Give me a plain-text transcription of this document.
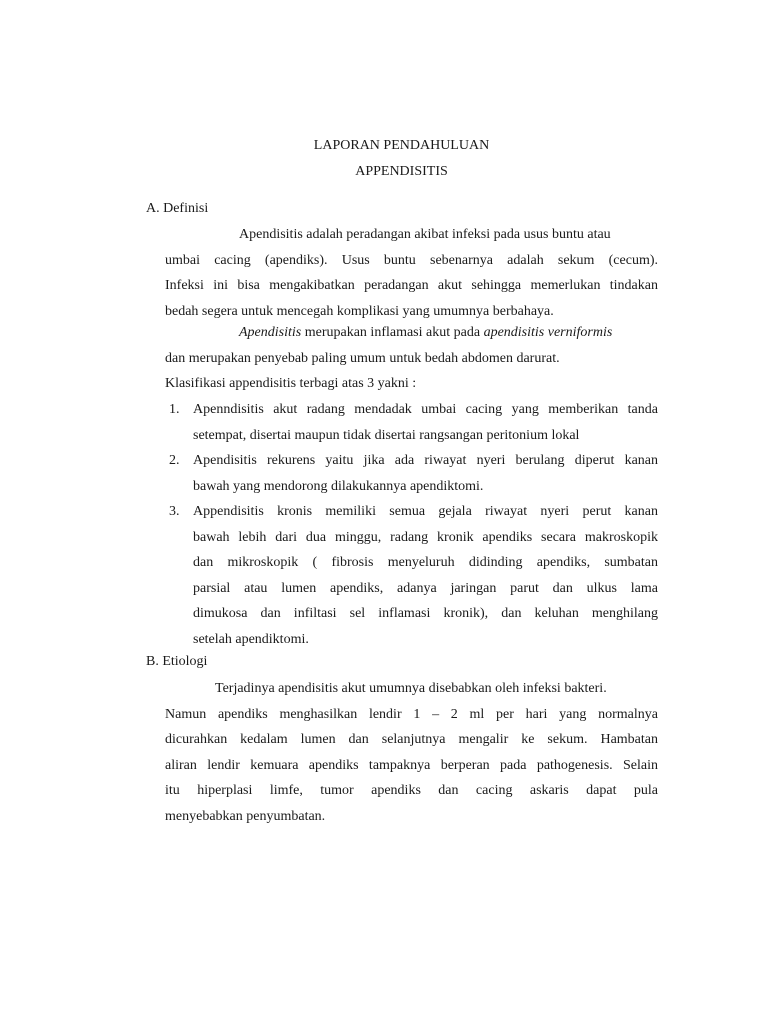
LAPORAN PENDAHULUAN
APPENDISITIS
A. Definisi
Apendisitis adalah peradangan akibat infeksi pada usus buntu atau
umbai cacing (apendiks). Usus buntu sebenarnya adalah sekum (cecum).
Infeksi ini bisa mengakibatkan peradangan akut sehingga memerlukan tindakan
bedah segera untuk mencegah komplikasi yang umumnya berbahaya.
Apendisitis merupakan inflamasi akut pada apendisitis verniformis
dan merupakan penyebab paling umum untuk bedah abdomen darurat.
Klasifikasi appendisitis terbagi atas 3 yakni :
1. Apenndisitis akut radang mendadak umbai cacing yang memberikan tanda
setempat, disertai maupun tidak disertai rangsangan peritonium lokal
2. Apendisitis rekurens yaitu jika ada riwayat nyeri berulang diperut kanan
bawah yang mendorong dilakukannya apendiktomi.
3. Appendisitis kronis memiliki semua gejala riwayat nyeri perut kanan
bawah lebih dari dua minggu, radang kronik apendiks secara makroskopik
dan mikroskopik ( fibrosis menyeluruh didinding apendiks, sumbatan
parsial atau lumen apendiks, adanya jaringan parut dan ulkus lama
dimukosa dan infiltasi sel inflamasi kronik), dan keluhan menghilang
setelah apendiktomi.
B. Etiologi
Terjadinya apendisitis akut umumnya disebabkan oleh infeksi bakteri.
Namun apendiks menghasilkan lendir 1 – 2 ml per hari yang normalnya
dicurahkan kedalam lumen dan selanjutnya mengalir ke sekum. Hambatan
aliran lendir kemuara apendiks tampaknya berperan pada pathogenesis. Selain
itu hiperplasi limfe, tumor apendiks dan cacing askaris dapat pula
menyebabkan penyumbatan.
